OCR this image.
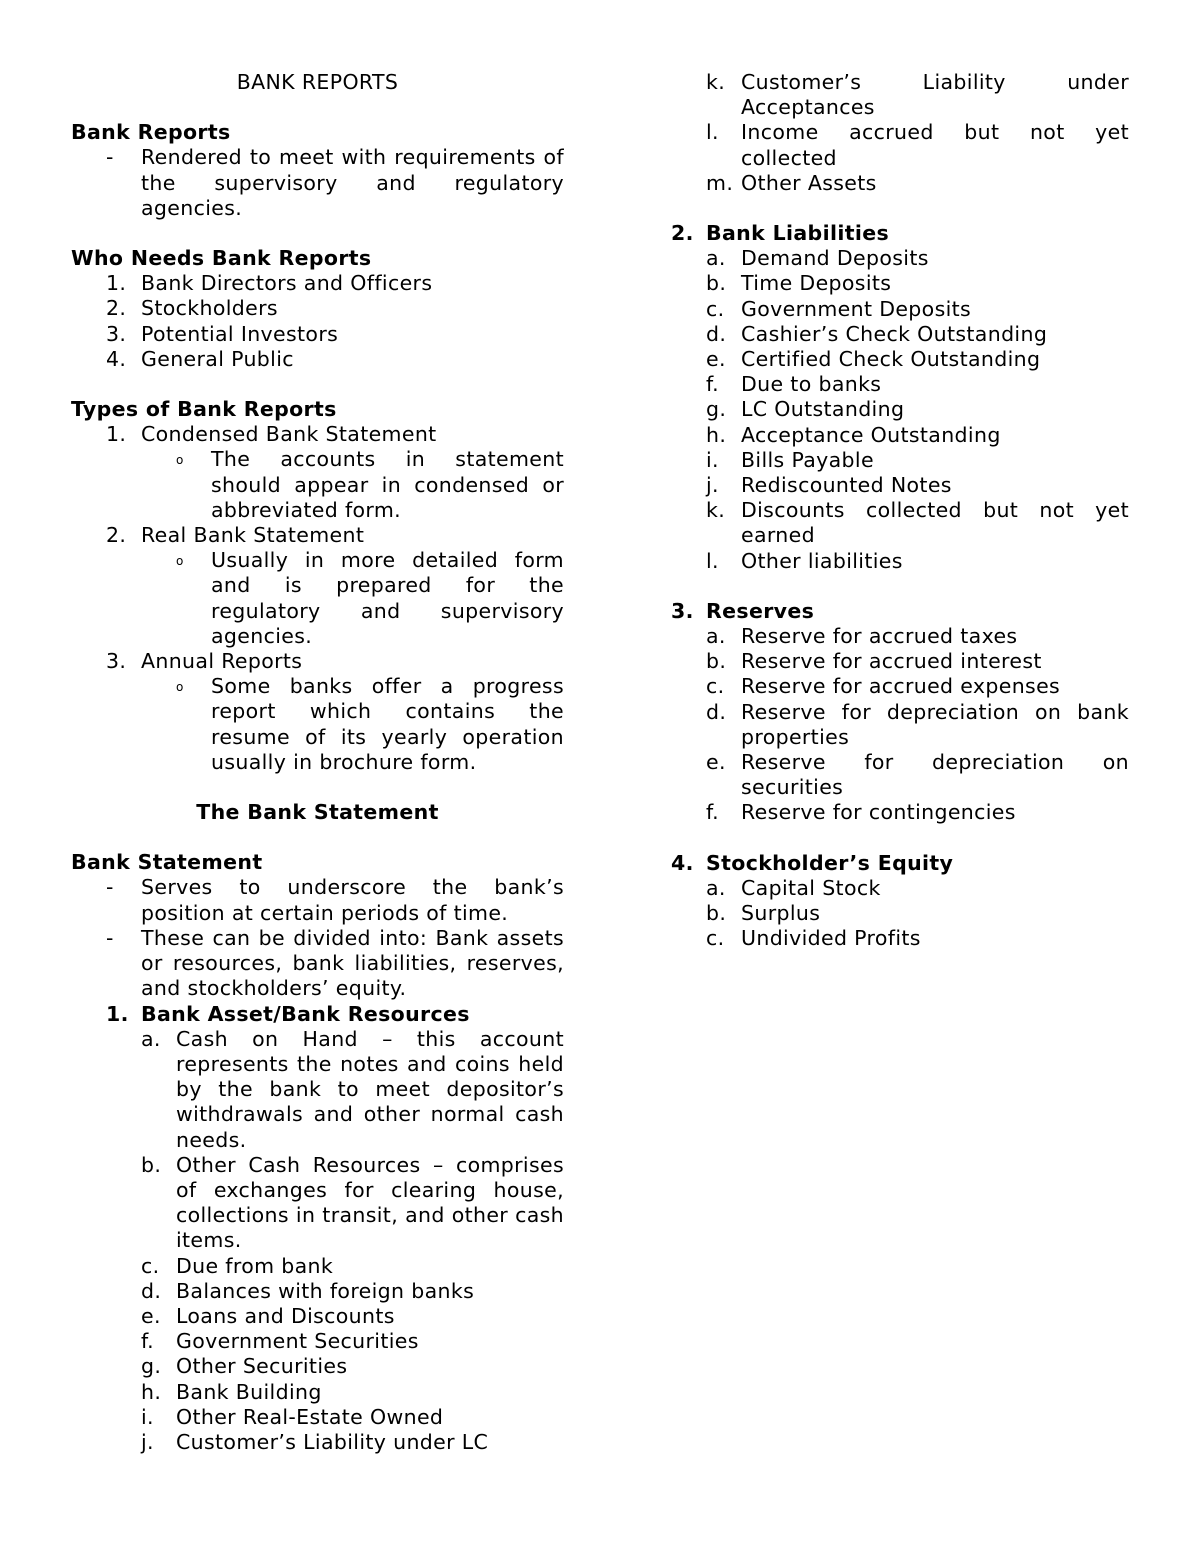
BANK REPORTS
Bank Reports
-	Rendered to meet with requirements of the supervisory and regulatory agencies.
Who Needs Bank Reports
1. Bank Directors and Officers
2. Stockholders
3. Potential Investors
4. General Public
Types of Bank Reports
1. Condensed Bank Statement
o	The accounts in statement should appear in condensed or abbreviated form.
2. Real Bank Statement
o	Usually in more detailed form and is prepared for the regulatory and supervisory agencies.
3. Annual Reports
o	Some banks offer a progress report which contains the resume of its yearly operation usually in brochure form.
The Bank Statement
Bank Statement
-	Serves to underscore the bank’s position at certain periods of time.
-	These can be divided into: Bank assets or resources, bank liabilities, reserves, and stockholders’ equity.
1. Bank Asset/Bank Resources
a. Cash on Hand – this account represents the notes and coins held by the bank to meet depositor’s withdrawals and other normal cash needs.
b. Other Cash Resources – comprises of exchanges for clearing house, collections in transit, and other cash items.
c. Due from bank
d. Balances with foreign banks
e. Loans and Discounts
f.	Government Securities
g. Other Securities
h. Bank Building
i.	Other Real-Estate Owned
j.	Customer’s Liability under LC
k. Customer’s Liability under Acceptances
l.	Income accrued but not yet collected
m. Other Assets
2. Bank Liabilities
a. Demand Deposits
b. Time Deposits
c. Government Deposits
d. Cashier’s Check Outstanding
e. Certified Check Outstanding
f.	Due to banks
g. LC Outstanding
h. Acceptance Outstanding
i.	Bills Payable
j.	Rediscounted Notes
k. Discounts collected but not yet earned
l.	Other liabilities
3. Reserves
a. Reserve for accrued taxes
b. Reserve for accrued interest
c. Reserve for accrued expenses
d. Reserve for depreciation on bank properties
e. Reserve for depreciation on securities
f.	Reserve for contingencies
4. Stockholder’s Equity
a. Capital Stock
b. Surplus
c. Undivided Profits
